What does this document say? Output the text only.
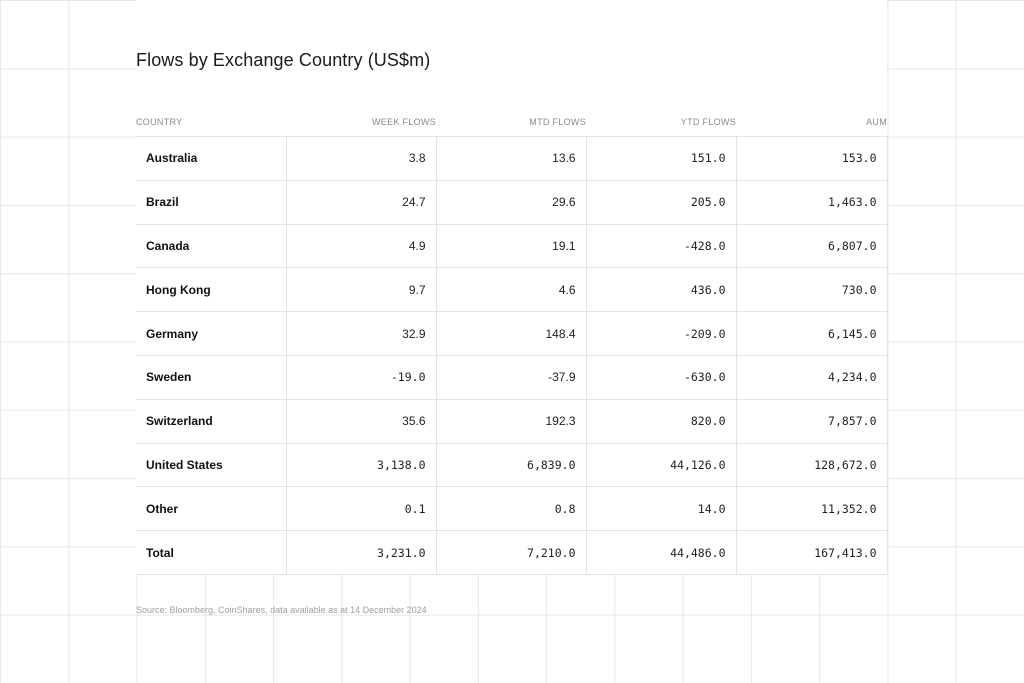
Flows by Exchange Country (US$m)
COUNTRY	WEEK FLOWS	MTD FLOWS	YTD FLOWS	AUM
Australia	3.8	13.6	151.0	153.0
Brazil	24.7	29.6	205.0	1,463.0
Canada	4.9	19.1	-428.0	6,807.0
Hong Kong	9.7	4.6	436.0	730.0
Germany	32.9	148.4	-209.0	6,145.0
Sweden	-19.0	-37.9	-630.0	4,234.0
Switzerland	35.6	192.3	820.0	7,857.0
United States	3,138.0	6,839.0	44,126.0	128,672.0
Other	0.1	0.8	14.0	11,352.0
Total	3,231.0	7,210.0	44,486.0	167,413.0
Source: Bloomberg, CoinShares, data available as at 14 December 2024
